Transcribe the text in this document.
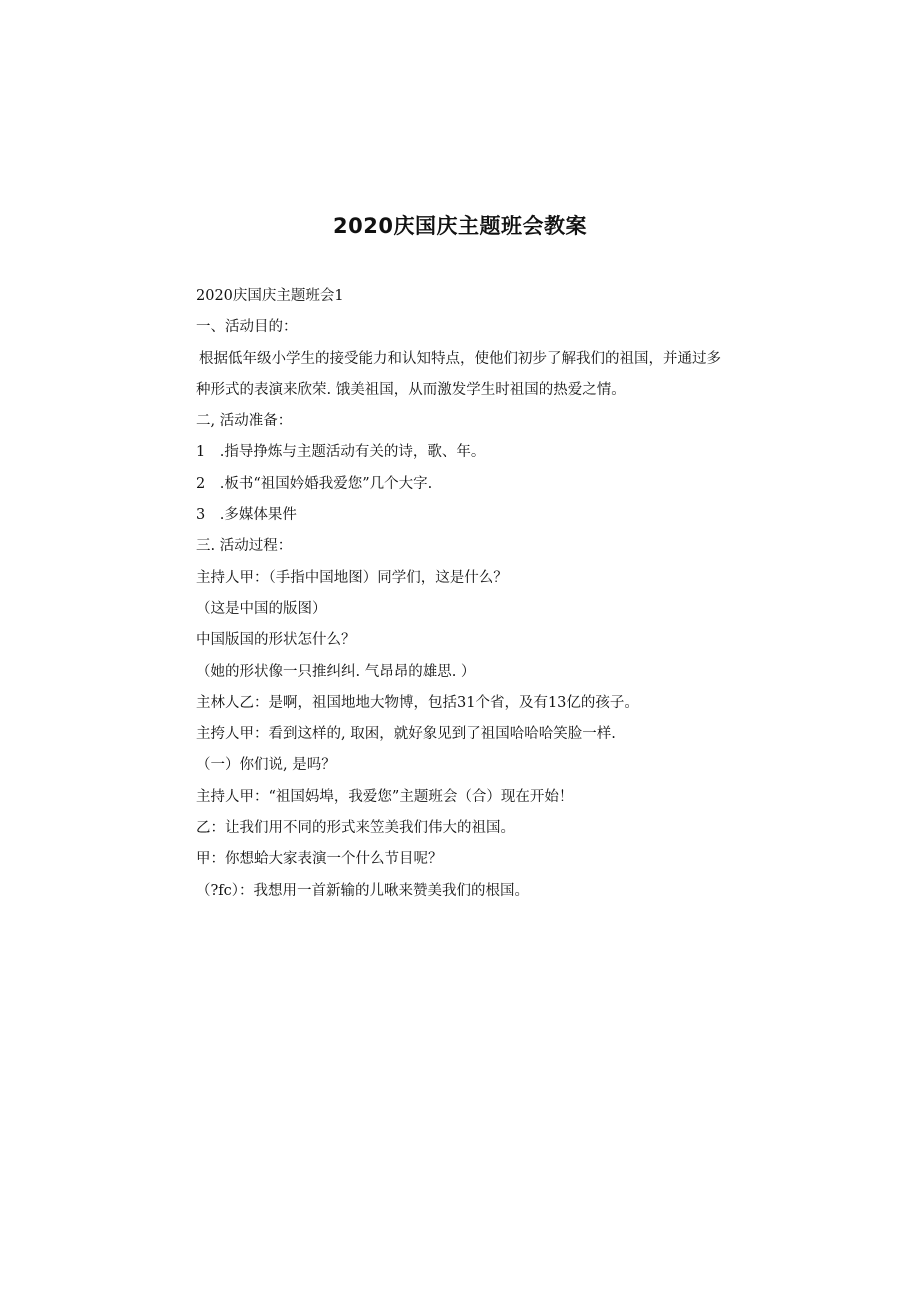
2020庆国庆主题班会教案
2020庆国庆主题班会1
一、活动目的：
根据低年级小学生的接受能力和认知特点，使他们初步了解我们的祖国，并通过多
种形式的表演来欣荣. 饿美祖国，从而激发学生时祖国的热爱之情。
二, 活动准备：
1　.指导挣炼与主题活动有关的诗，歌、年。
2　.板书“祖国妗婚我爱您”几个大字.
3　.多媒体果件
三. 活动过程：
主持人甲：（手指中国地图）同学们，这是什么？
（这是中国的版图）
中国版国的形状怎什么？
（她的形状像一只推纠纠. 气昂昂的雄思. ）
主林人乙：是啊，祖国地地大物博，包括31个省，及有13亿的孩子。
主挎人甲：看到这样的, 取困，就好象见到了祖国哈哈哈笑脸一样.
（一）你们说, 是吗？
主持人甲：“祖国妈埠，我爱您”主题班会（合）现在开始！
乙：让我们用不同的形式来笠美我们伟大的祖国。
甲：你想蛤大家表演一个什么节目呢？
（?fc）：我想用一首新输的儿啾来赞美我们的根国。
